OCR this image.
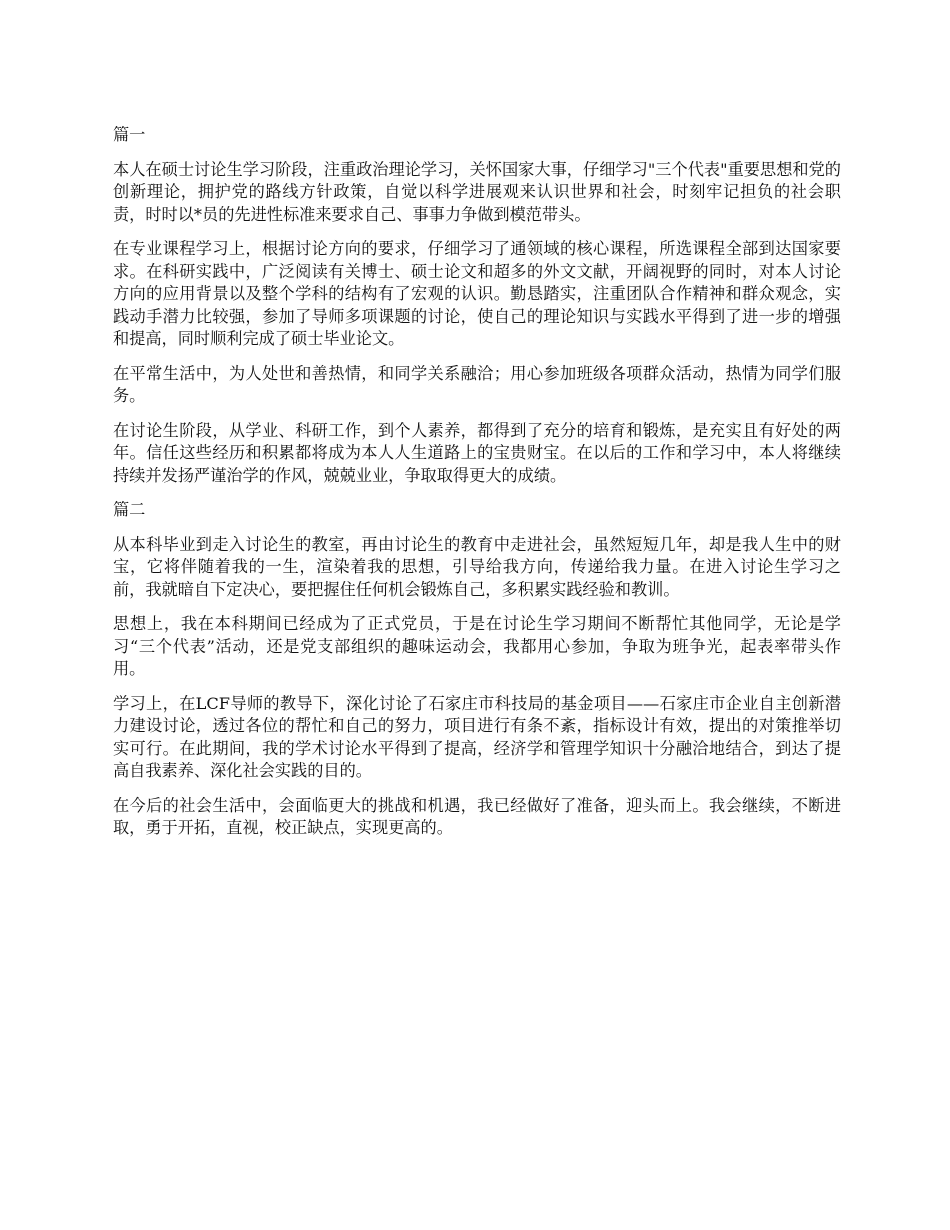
篇一

本人在硕士讨论生学习阶段，注重政治理论学习，关怀国家大事，仔细学习"三个代表"重要思想和党的创新理论，拥护党的路线方针政策，自觉以科学进展观来认识世界和社会，时刻牢记担负的社会职责，时时以*员的先进性标准来要求自己、事事力争做到模范带头。

在专业课程学习上，根据讨论方向的要求，仔细学习了通领域的核心课程，所选课程全部到达国家要求。在科研实践中，广泛阅读有关博士、硕士论文和超多的外文文献，开阔视野的同时，对本人讨论方向的应用背景以及整个学科的结构有了宏观的认识。勤恳踏实，注重团队合作精神和群众观念，实践动手潜力比较强，参加了导师多项课题的讨论，使自己的理论知识与实践水平得到了进一步的增强和提高，同时顺利完成了硕士毕业论文。

在平常生活中，为人处世和善热情，和同学关系融洽；用心参加班级各项群众活动，热情为同学们服务。

在讨论生阶段，从学业、科研工作，到个人素养，都得到了充分的培育和锻炼，是充实且有好处的两年。信任这些经历和积累都将成为本人人生道路上的宝贵财宝。在以后的工作和学习中，本人将继续持续并发扬严谨治学的作风，兢兢业业，争取取得更大的成绩。

篇二

从本科毕业到走入讨论生的教室，再由讨论生的教育中走进社会，虽然短短几年，却是我人生中的财宝，它将伴随着我的一生，渲染着我的思想，引导给我方向，传递给我力量。在进入讨论生学习之前，我就暗自下定决心，要把握住任何机会锻炼自己，多积累实践经验和教训。

思想上，我在本科期间已经成为了正式党员，于是在讨论生学习期间不断帮忙其他同学，无论是学习“三个代表”活动，还是党支部组织的趣味运动会，我都用心参加，争取为班争光，起表率带头作用。

学习上，在LCF导师的教导下，深化讨论了石家庄市科技局的基金项目——石家庄市企业自主创新潜力建设讨论，透过各位的帮忙和自己的努力，项目进行有条不紊，指标设计有效，提出的对策推举切实可行。在此期间，我的学术讨论水平得到了提高，经济学和管理学知识十分融洽地结合，到达了提高自我素养、深化社会实践的目的。

在今后的社会生活中，会面临更大的挑战和机遇，我已经做好了准备，迎头而上。我会继续，不断进取，勇于开拓，直视，校正缺点，实现更高的。
